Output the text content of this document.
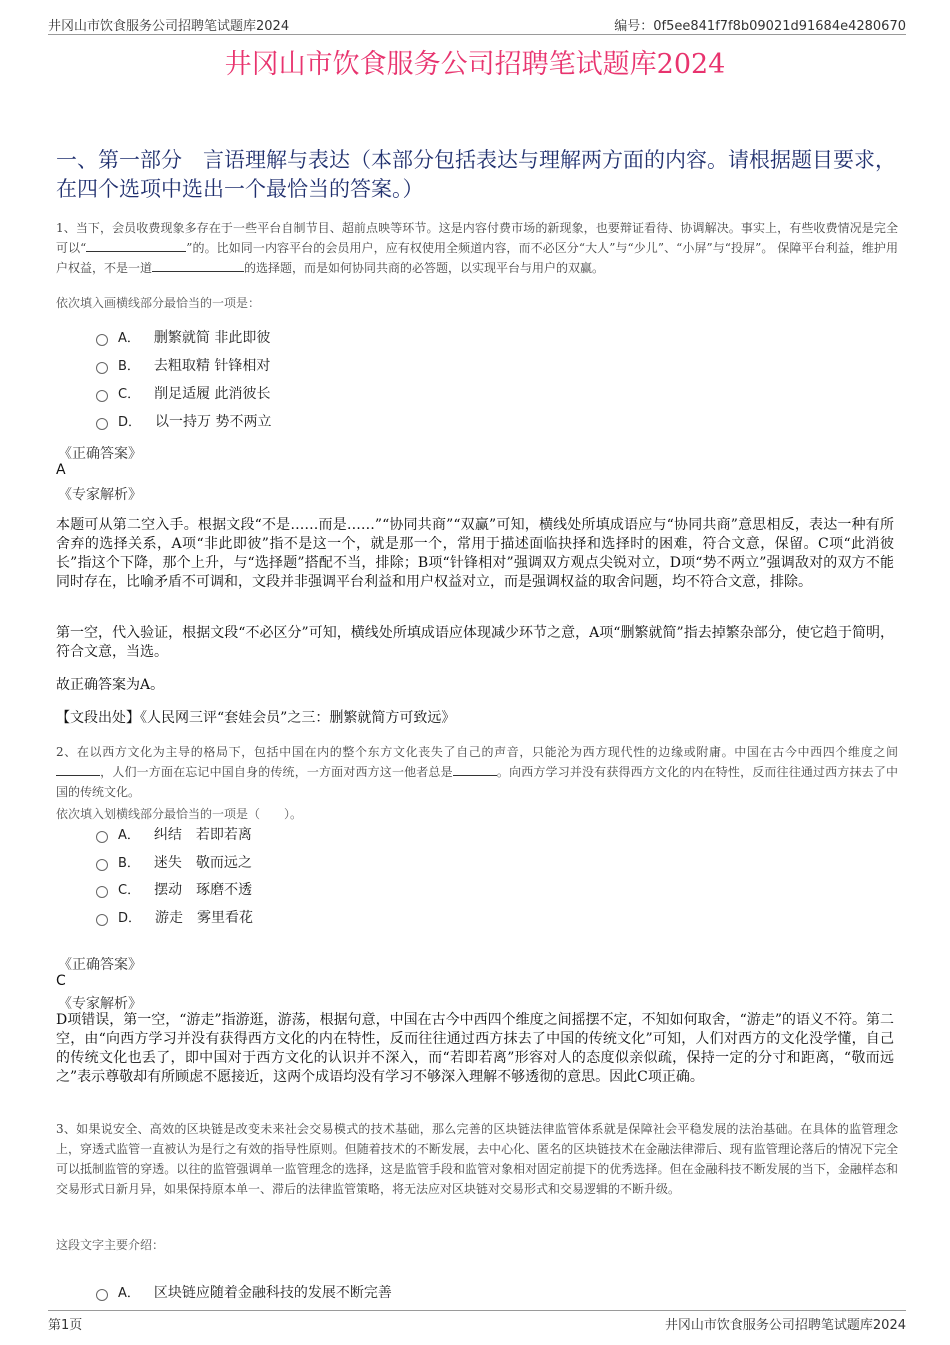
井冈山市饮食服务公司招聘笔试题库2024	编号：0f5ee841f7f8b09021d91684e4280670
井冈山市饮食服务公司招聘笔试题库2024
一、第一部分　言语理解与表达（本部分包括表达与理解两方面的内容。请根据题目要求，在四个选项中选出一个最恰当的答案。）
1、当下，会员收费现象多存在于一些平台自制节目、超前点映等环节。这是内容付费市场的新现象，也要辩证看待、协调解决。事实上，有些收费情况是完全可以“	”的。比如同一内容平台的会员用户，应有权使用全频道内容，而不必区分“大人”与“少儿”、“小屏”与“投屏”。 保障平台利益，维护用户权益，不是一道	的选择题，而是如何协同共商的必答题，以实现平台与用户的双赢。
依次填入画横线部分最恰当的一项是：
A． 删繁就简 非此即彼
B． 去粗取精 针锋相对
C． 削足适履 此消彼长
D． 以一持万 势不两立
《正确答案》
A
《专家解析》
本题可从第二空入手。根据文段“不是……而是……”“协同共商”“双赢”可知，横线处所填成语应与“协同共商”意思相反，表达一种有所舍弃的选择关系，A项“非此即彼”指不是这一个，就是那一个，常用于描述面临抉择和选择时的困难，符合文意，保留。C项“此消彼长”指这个下降，那个上升，与“选择题”搭配不当，排除；B项“针锋相对”强调双方观点尖锐对立，D项“势不两立”强调敌对的双方不能同时存在，比喻矛盾不可调和，文段并非强调平台利益和用户权益对立，而是强调权益的取舍问题，均不符合文意，排除。
第一空，代入验证，根据文段“不必区分”可知，横线处所填成语应体现减少环节之意，A项“删繁就简”指去掉繁杂部分，使它趋于简明，符合文意，当选。
故正确答案为A。
【文段出处】《人民网三评“套娃会员”之三：删繁就简方可致远》
2、在以西方文化为主导的格局下，包括中国在内的整个东方文化丧失了自己的声音，只能沦为西方现代性的边缘或附庸。中国在古今中西四个维度之间，人们一方面在忘记中国自身的传统，一方面对西方这一他者总是	。向西方学习并没有获得西方文化的内在特性，反而往往通过西方抹去了中国的传统文化。
依次填入划横线部分最恰当的一项是（　　）。
A． 纠结　若即若离
B． 迷失　敬而远之
C． 摆动　琢磨不透
D． 游走　雾里看花
《正确答案》
C
《专家解析》
D项错误，第一空，“游走”指游逛，游荡，根据句意，中国在古今中西四个维度之间摇摆不定，不知如何取舍，“游走”的语义不符。第二空，由“向西方学习并没有获得西方文化的内在特性，反而往往通过西方抹去了中国的传统文化”可知，人们对西方的文化没学懂，自己的传统文化也丢了，即中国对于西方文化的认识并不深入，而“若即若离”形容对人的态度似亲似疏，保持一定的分寸和距离，“敬而远之”表示尊敬却有所顾虑不愿接近，这两个成语均没有学习不够深入理解不够透彻的意思。因此C项正确。
3、如果说安全、高效的区块链是改变未来社会交易模式的技术基础，那么完善的区块链法律监管体系就是保障社会平稳发展的法治基础。在具体的监管理念上，穿透式监管一直被认为是行之有效的指导性原则。但随着技术的不断发展，去中心化、匿名的区块链技术在金融法律滞后、现有监管理论落后的情况下完全可以抵制监管的穿透。以往的监管强调单一监管理念的选择，这是监管手段和监管对象相对固定前提下的优秀选择。但在金融科技不断发展的当下，金融样态和交易形式日新月异，如果保持原本单一、滞后的法律监管策略，将无法应对区块链对交易形式和交易逻辑的不断升级。
这段文字主要介绍：
A． 区块链应随着金融科技的发展不断完善
第1页	井冈山市饮食服务公司招聘笔试题库2024
